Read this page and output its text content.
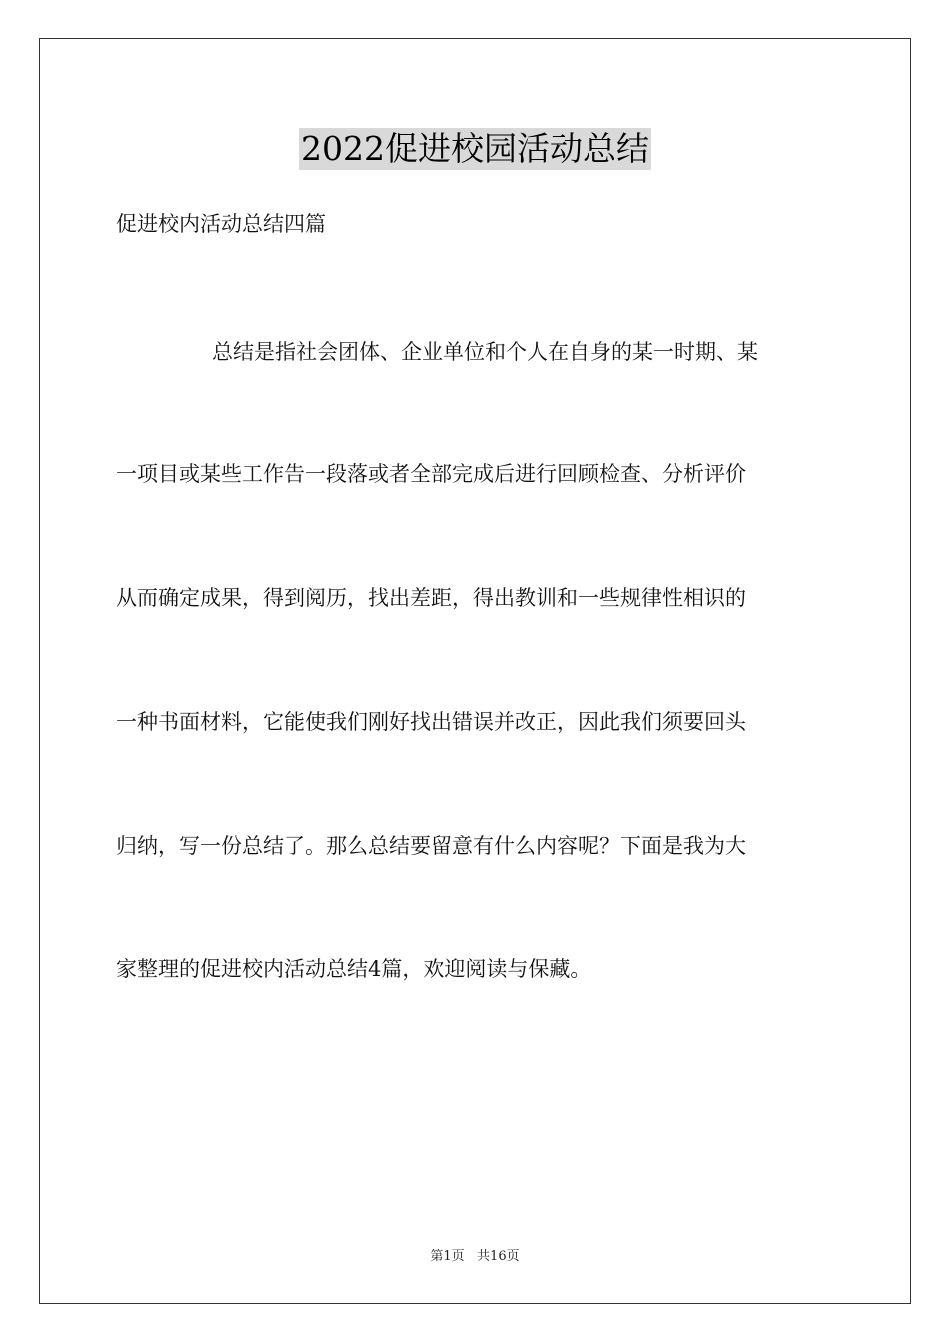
2022促进校园活动总结
促进校内活动总结四篇
总结是指社会团体、企业单位和个人在自身的某一时期、某
一项目或某些工作告一段落或者全部完成后进行回顾检查、分析评价
从而确定成果，得到阅历，找出差距，得出教训和一些规律性相识的
一种书面材料，它能使我们刚好找出错误并改正，因此我们须要回头
归纳，写一份总结了。那么总结要留意有什么内容呢？下面是我为大
家整理的促进校内活动总结4篇，欢迎阅读与保藏。
第1页   共16页
